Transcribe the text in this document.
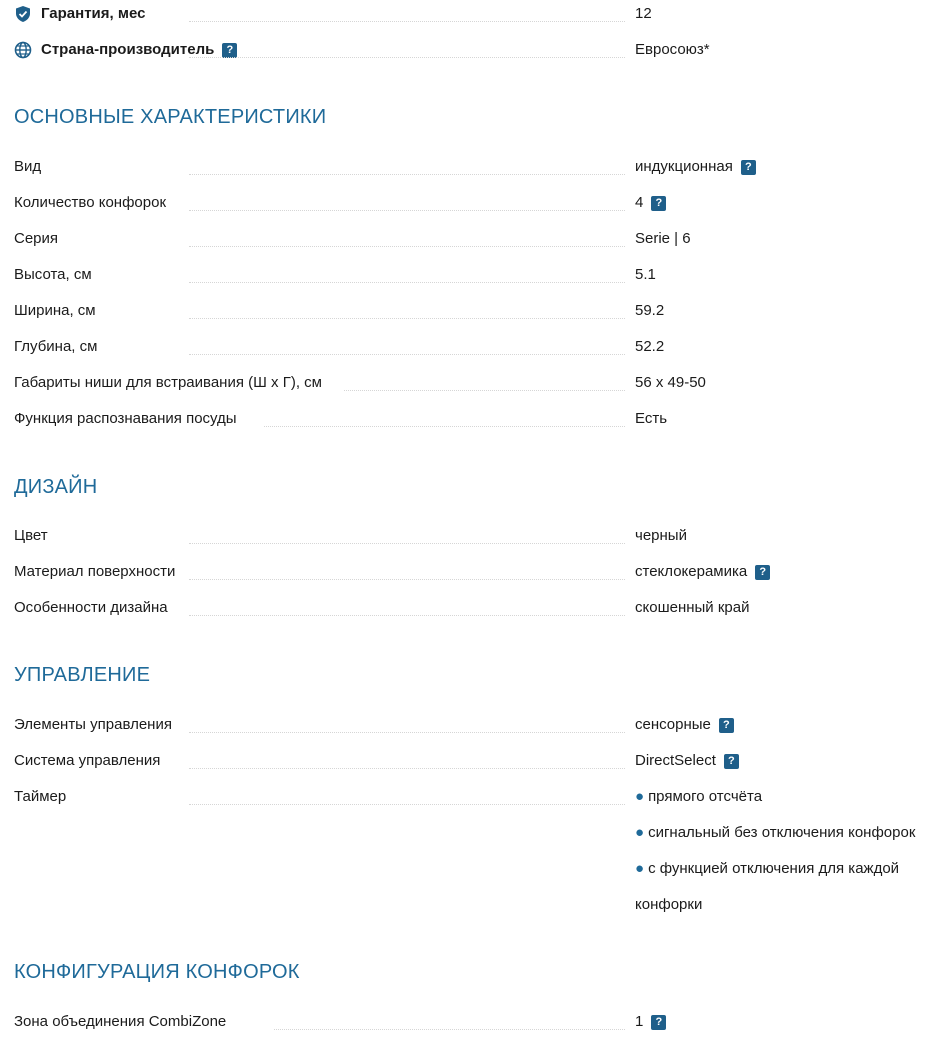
Гарантия, мес	12
Страна-производитель ?	Евросоюз*
ОСНОВНЫЕ ХАРАКТЕРИСТИКИ
Вид	индукционная ?
Количество конфорок	4 ?
Серия	Serie | 6
Высота, см	5.1
Ширина, см	59.2
Глубина, см	52.2
Габариты ниши для встраивания (Ш x Г), см	56 x 49-50
Функция распознавания посуды	Есть
ДИЗАЙН
Цвет	черный
Материал поверхности	стеклокерамика ?
Особенности дизайна	скошенный край
УПРАВЛЕНИЕ
Элементы управления	сенсорные ?
Система управления	DirectSelect ?
Таймер	● прямого отсчёта
● сигнальный без отключения конфорок
● с функцией отключения для каждой
конфорки
КОНФИГУРАЦИЯ КОНФОРОК
Зона объединения CombiZone	1 ?
